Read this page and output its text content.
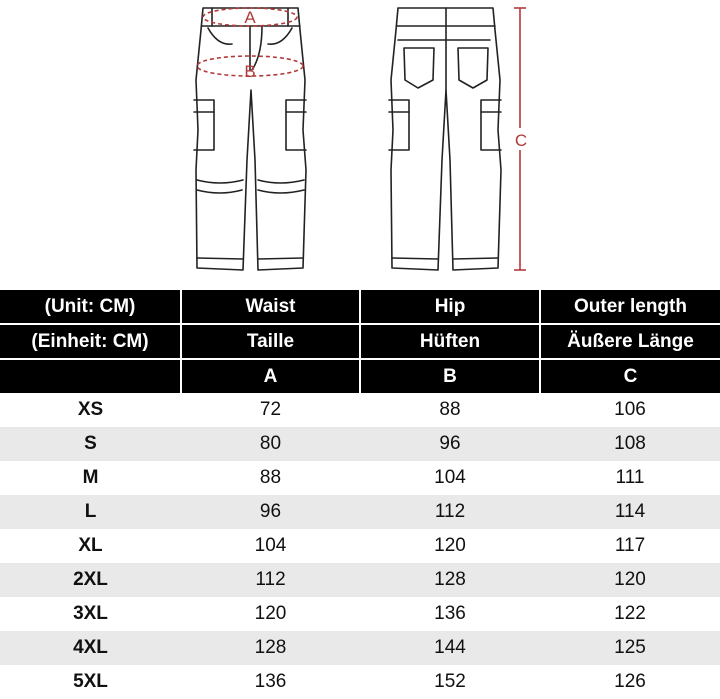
A
B
C
(Unit: CM)	Waist	Hip	Outer length
(Einheit: CM)	Taille	Hüften	Äußere Länge
	A	B	C
XS	72	88	106
S	80	96	108
M	88	104	111
L	96	112	114
XL	104	120	117
2XL	112	128	120
3XL	120	136	122
4XL	128	144	125
5XL	136	152	126
